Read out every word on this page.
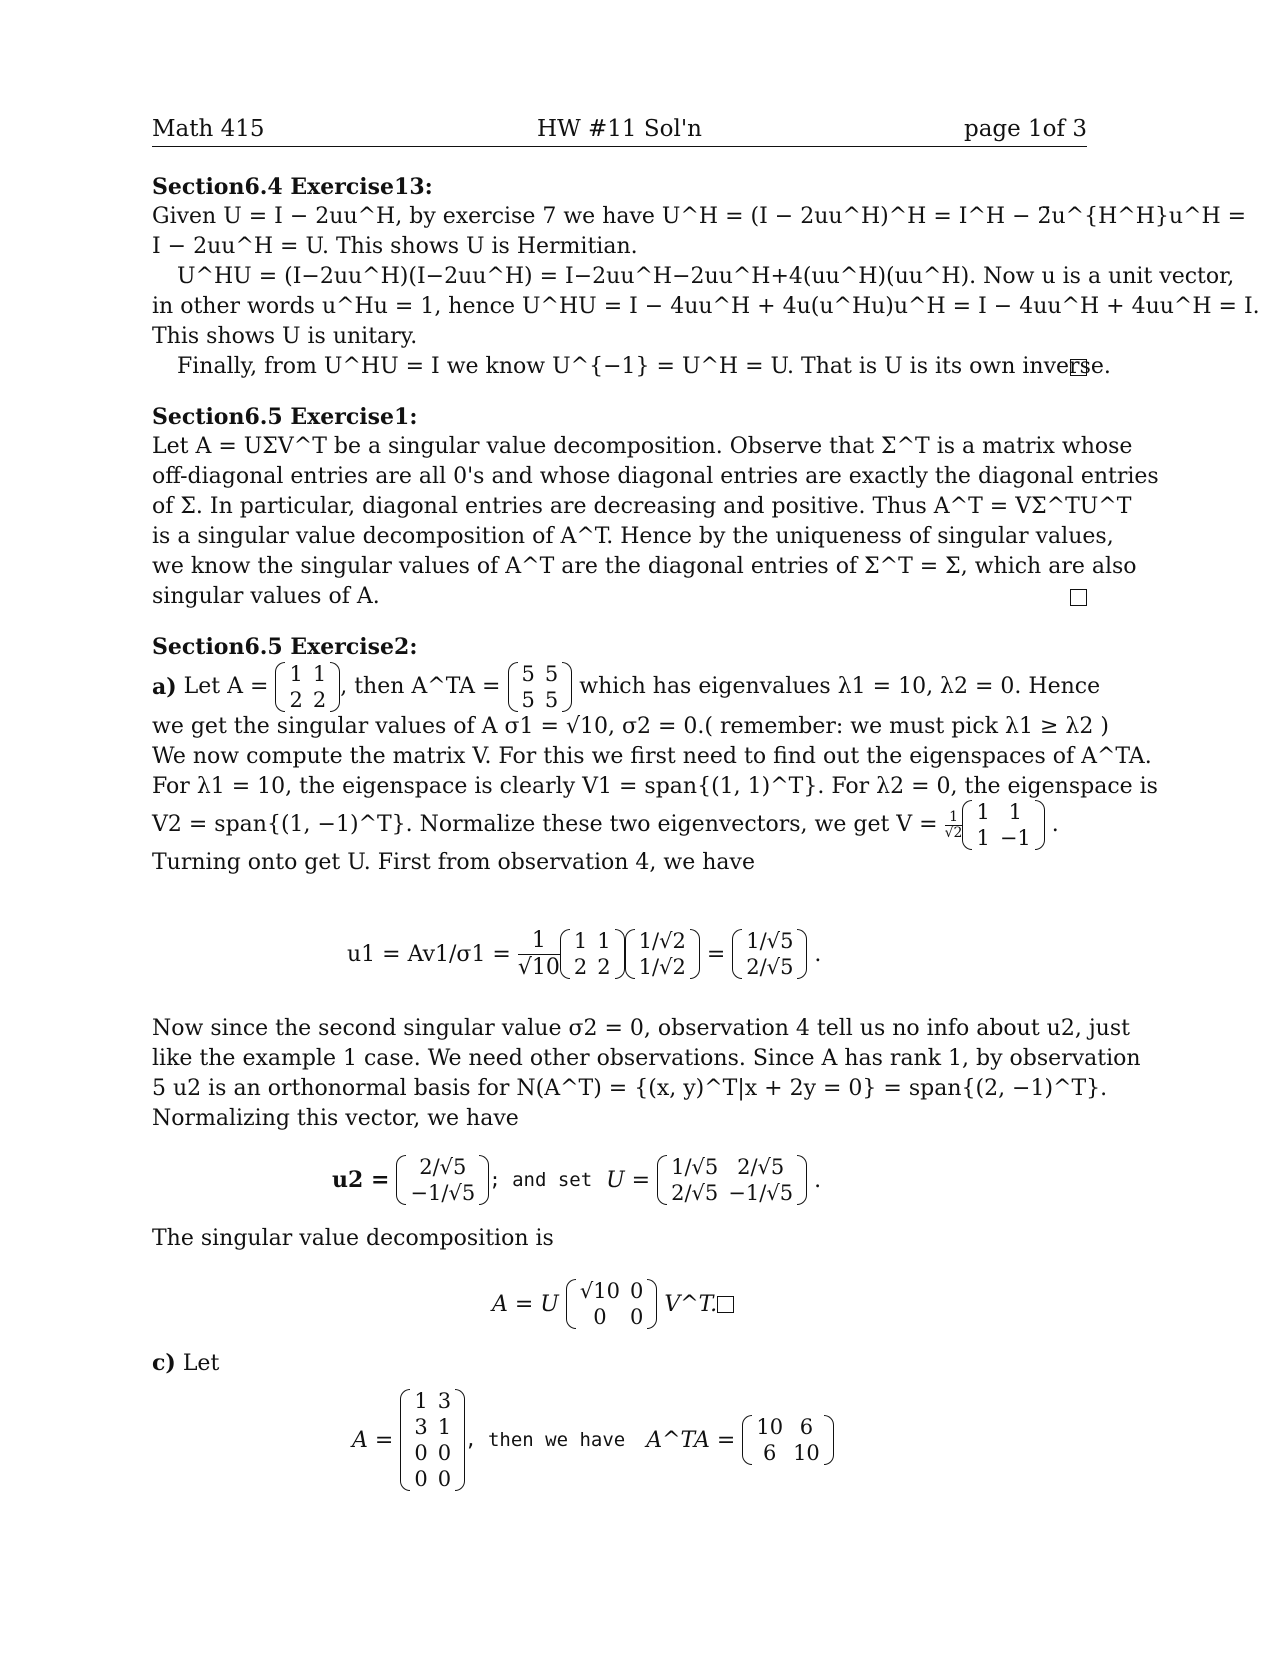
Math 415	HW #11 Sol'n	page 1of 3
Section6.4 Exercise13:
Given U = I − 2uu^H, by exercise 7 we have U^H = (I − 2uu^H)^H = I^H − 2̄u^{H^H}u^H =
I − 2uu^H = U. This shows U is Hermitian.
U^HU = (I−2uu^H)(I−2uu^H) = I−2uu^H−2uu^H+4(uu^H)(uu^H). Now u is a unit vector,
in other words u^Hu = 1, hence U^HU = I − 4uu^H + 4u(u^Hu)u^H = I − 4uu^H + 4uu^H = I.
This shows U is unitary.
Finally, from U^HU = I we know U^{−1} = U^H = U. That is U is its own inverse.
Section6.5 Exercise1:
Let A = UΣV^T be a singular value decomposition. Observe that Σ^T is a matrix whose
off-diagonal entries are all 0's and whose diagonal entries are exactly the diagonal entries
of Σ. In particular, diagonal entries are decreasing and positive. Thus A^T = VΣ^TU^T
is a singular value decomposition of A^T. Hence by the uniqueness of singular values,
we know the singular values of A^T are the diagonal entries of Σ^T = Σ, which are also
singular values of A.
Section6.5 Exercise2:
a)
Let A =
1	1
2	2
, then A^TA =
5	5
5	5

which has eigenvalues λ1 = 10, λ2 = 0. Hence
we get the singular values of A σ1 = √10, σ2 = 0.( remember: we must pick λ1 ≥ λ2 )
We now compute the matrix V. For this we first need to find out the eigenspaces of A^TA.
For λ1 = 10, the eigenspace is clearly V1 = span{(1, 1)^T}. For λ2 = 0, the eigenspace is
V2 = span{(1, −1)^T}. Normalize these two eigenvectors, we get V =
$\frac{1}{√2} 1$	1
1	−1
.
Turning onto get U. First from observation 4, we have
u1 = Av1/σ1 =
$\frac{1}{√10} 1$	1
2	2
1/√2
1/√2
=
1/√5
2/√5
.
Now since the second singular value σ2 = 0, observation 4 tell us no info about u2, just
like the example 1 case. We need other observations. Since A has rank 1, by observation
5 u2 is an orthonormal basis for N(A^T) = {(x, y)^T|x + 2y = 0} = span{(2, −1)^T}.
Normalizing this vector, we have
u2 =
2/√5
−1/√5
; and set
U =

1/√5	2/√5
2/√5	−1/√5
.
The singular value decomposition is
A = U

√10	0
0	0

V^T.
c) Let
A =

1	3
3	1
0	0
0	0
, then we have
A^TA =

10	6
6	10
